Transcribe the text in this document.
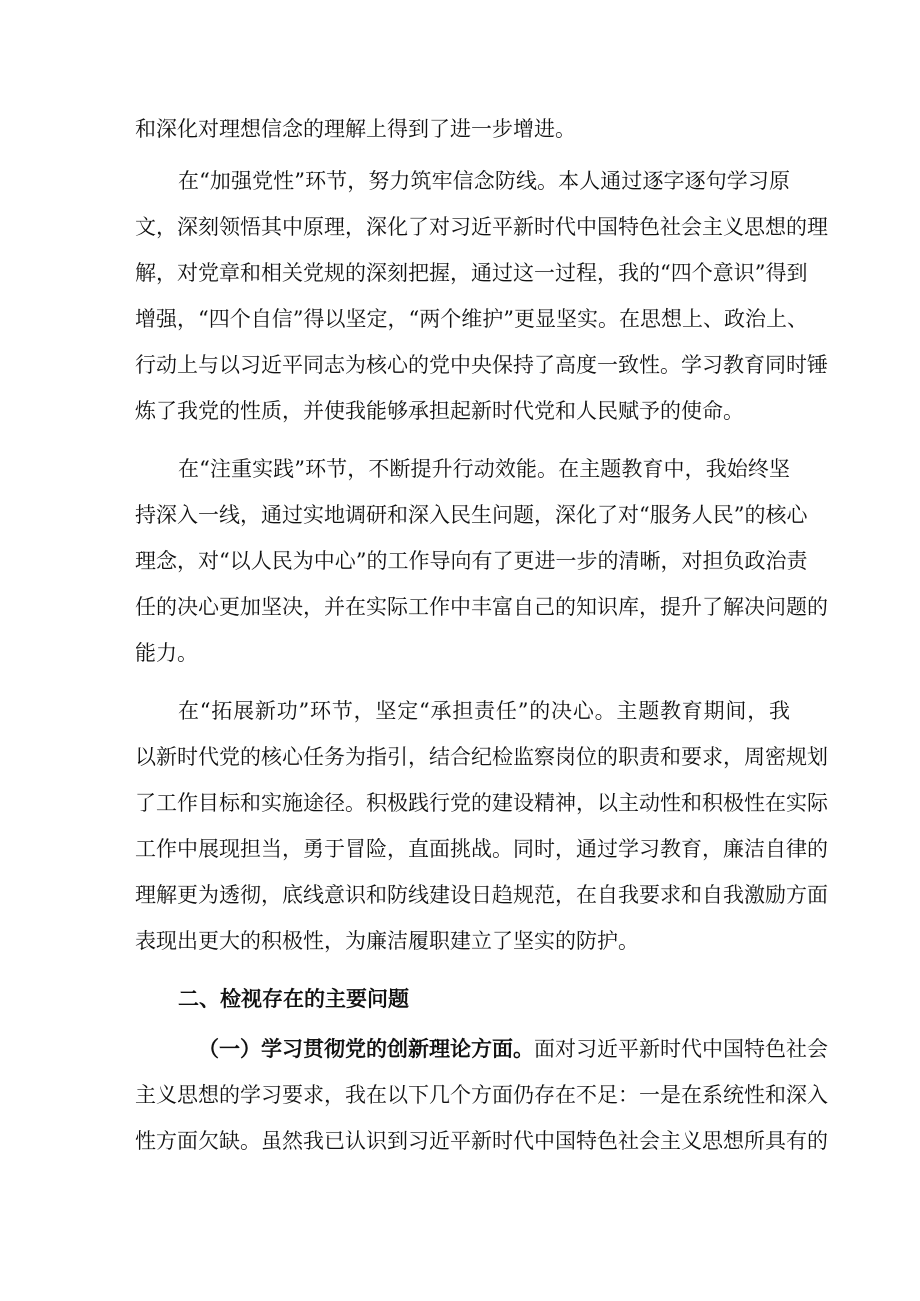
和深化对理想信念的理解上得到了进一步增进。
在“加强党性”环节，努力筑牢信念防线。本人通过逐字逐句学习原
文，深刻领悟其中原理，深化了对习近平新时代中国特色社会主义思想的理
解，对党章和相关党规的深刻把握，通过这一过程，我的“四个意识”得到
增强，“四个自信”得以坚定，“两个维护”更显坚实。在思想上、政治上、
行动上与以习近平同志为核心的党中央保持了高度一致性。学习教育同时锤
炼了我党的性质，并使我能够承担起新时代党和人民赋予的使命。
在“注重实践”环节，不断提升行动效能。在主题教育中，我始终坚
持深入一线，通过实地调研和深入民生问题，深化了对“服务人民”的核心
理念，对“以人民为中心”的工作导向有了更进一步的清晰，对担负政治责
任的决心更加坚决，并在实际工作中丰富自己的知识库，提升了解决问题的
能力。
在“拓展新功”环节，坚定“承担责任”的决心。主题教育期间，我
以新时代党的核心任务为指引，结合纪检监察岗位的职责和要求，周密规划
了工作目标和实施途径。积极践行党的建设精神，以主动性和积极性在实际
工作中展现担当，勇于冒险，直面挑战。同时，通过学习教育，廉洁自律的
理解更为透彻，底线意识和防线建设日趋规范，在自我要求和自我激励方面
表现出更大的积极性，为廉洁履职建立了坚实的防护。
二、检视存在的主要问题
（一）学习贯彻党的创新理论方面。面对习近平新时代中国特色社会
主义思想的学习要求，我在以下几个方面仍存在不足：一是在系统性和深入
性方面欠缺。虽然我已认识到习近平新时代中国特色社会主义思想所具有的
